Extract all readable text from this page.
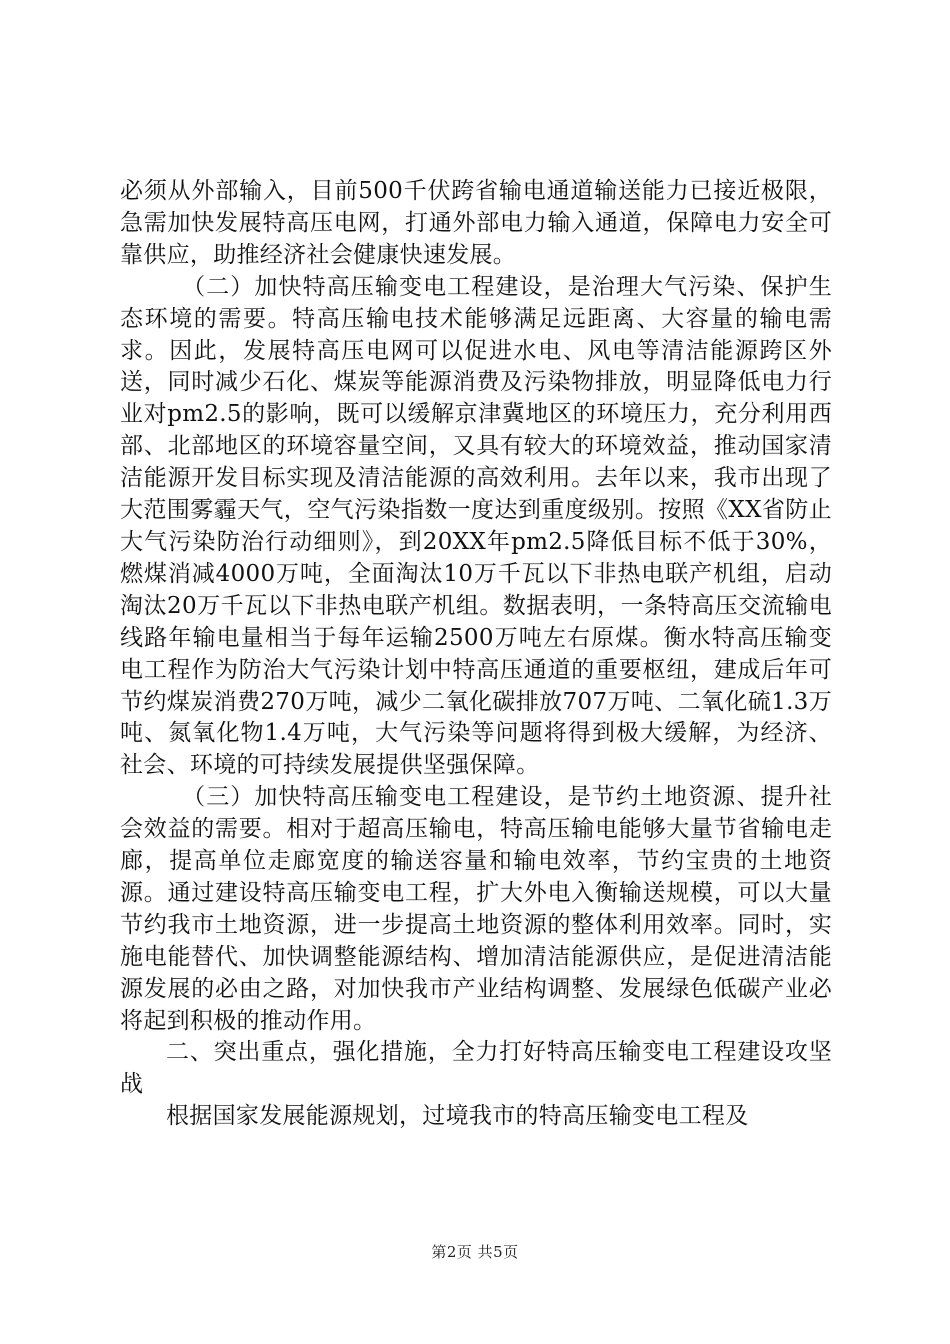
必须从外部输入，目前500千伏跨省输电通道输送能力已接近极限，急需加快发展特高压电网，打通外部电力输入通道，保障电力安全可靠供应，助推经济社会健康快速发展。

（二）加快特高压输变电工程建设，是治理大气污染、保护生态环境的需要。特高压输电技术能够满足远距离、大容量的输电需求。因此，发展特高压电网可以促进水电、风电等清洁能源跨区外送，同时减少石化、煤炭等能源消费及污染物排放，明显降低电力行业对pm2.5的影响，既可以缓解京津冀地区的环境压力，充分利用西部、北部地区的环境容量空间，又具有较大的环境效益，推动国家清洁能源开发目标实现及清洁能源的高效利用。去年以来，我市出现了大范围雾霾天气，空气污染指数一度达到重度级别。按照《XX省防止大气污染防治行动细则》，到20XX年pm2.5降低目标不低于30%，燃煤消减4000万吨，全面淘汰10万千瓦以下非热电联产机组，启动淘汰20万千瓦以下非热电联产机组。数据表明，一条特高压交流输电线路年输电量相当于每年运输2500万吨左右原煤。衡水特高压输变电工程作为防治大气污染计划中特高压通道的重要枢纽，建成后年可节约煤炭消费270万吨，减少二氧化碳排放707万吨、二氧化硫1.3万吨、氮氧化物1.4万吨，大气污染等问题将得到极大缓解，为经济、社会、环境的可持续发展提供坚强保障。

（三）加快特高压输变电工程建设，是节约土地资源、提升社会效益的需要。相对于超高压输电，特高压输电能够大量节省输电走廊，提高单位走廊宽度的输送容量和输电效率，节约宝贵的土地资源。通过建设特高压输变电工程，扩大外电入衡输送规模，可以大量节约我市土地资源，进一步提高土地资源的整体利用效率。同时，实施电能替代、加快调整能源结构、增加清洁能源供应，是促进清洁能源发展的必由之路，对加快我市产业结构调整、发展绿色低碳产业必将起到积极的推动作用。

二、突出重点，强化措施，全力打好特高压输变电工程建设攻坚战

根据国家发展能源规划，过境我市的特高压输变电工程及

第2页 共5页
